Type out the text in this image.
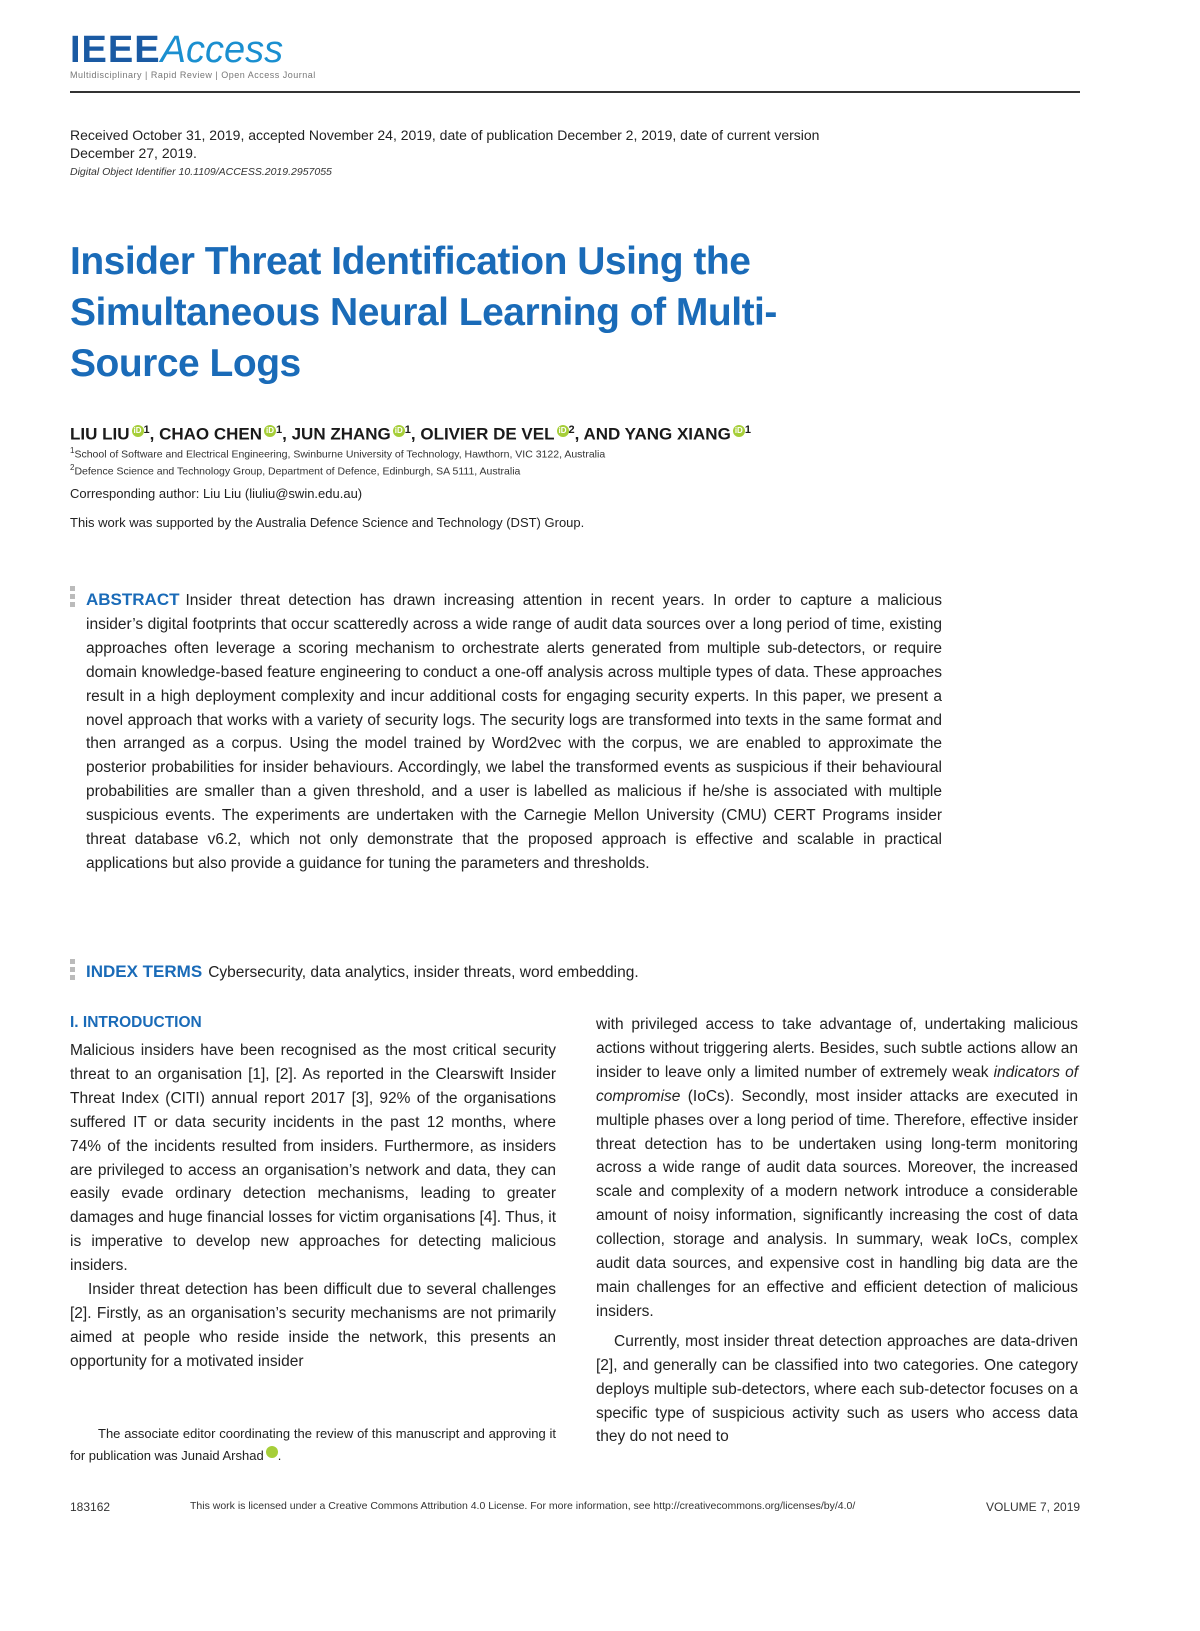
IEEEAccess
Multidisciplinary | Rapid Review | Open Access Journal
Received October 31, 2019, accepted November 24, 2019, date of publication December 2, 2019, date of current version December 27, 2019.
Digital Object Identifier 10.1109/ACCESS.2019.2957055
Insider Threat Identification Using the Simultaneous Neural Learning of Multi-Source Logs
LIU LIU iD $^1$, CHAO CHEN iD $^1$, JUN ZHANG iD $^1$, OLIVIER DE VEL iD $^2$, AND YANG XIANG iD $^1$
$^1$School of Software and Electrical Engineering, Swinburne University of Technology, Hawthorn, VIC 3122, Australia
$^2$Defence Science and Technology Group, Department of Defence, Edinburgh, SA 5111, Australia
Corresponding author: Liu Liu (liuliu@swin.edu.au)
This work was supported by the Australia Defence Science and Technology (DST) Group.
ABSTRACT Insider threat detection has drawn increasing attention in recent years. In order to capture a malicious insider’s digital footprints that occur scatteredly across a wide range of audit data sources over a long period of time, existing approaches often leverage a scoring mechanism to orchestrate alerts generated from multiple sub-detectors, or require domain knowledge-based feature engineering to conduct a one-off analysis across multiple types of data. These approaches result in a high deployment complexity and incur additional costs for engaging security experts. In this paper, we present a novel approach that works with a variety of security logs. The security logs are transformed into texts in the same format and then arranged as a corpus. Using the model trained by Word2vec with the corpus, we are enabled to approximate the posterior probabilities for insider behaviours. Accordingly, we label the transformed events as suspicious if their behavioural probabilities are smaller than a given threshold, and a user is labelled as malicious if he/she is associated with multiple suspicious events. The experiments are undertaken with the Carnegie Mellon University (CMU) CERT Programs insider threat database v6.2, which not only demonstrate that the proposed approach is effective and scalable in practical applications but also provide a guidance for tuning the parameters and thresholds.
INDEX TERMS Cybersecurity, data analytics, insider threats, word embedding.
I. INTRODUCTION

Malicious insiders have been recognised as the most critical security threat to an organisation [1], [2]. As reported in the Clearswift Insider Threat Index (CITI) annual report 2017 [3], 92% of the organisations suffered IT or data security incidents in the past 12 months, where 74% of the incidents resulted from insiders. Furthermore, as insiders are privileged to access an organisation’s network and data, they can easily evade ordinary detection mechanisms, leading to greater damages and huge financial losses for victim organisations [4]. Thus, it is imperative to develop new approaches for detecting malicious insiders.

Insider threat detection has been difficult due to several challenges [2]. Firstly, as an organisation’s security mechanisms are not primarily aimed at people who reside inside the network, this presents an opportunity for a motivated insider

with privileged access to take advantage of, undertaking malicious actions without triggering alerts. Besides, such subtle actions allow an insider to leave only a limited number of extremely weak indicators of compromise (IoCs). Secondly, most insider attacks are executed in multiple phases over a long period of time. Therefore, effective insider threat detection has to be undertaken using long-term monitoring across a wide range of audit data sources. Moreover, the increased scale and complexity of a modern network introduce a considerable amount of noisy information, significantly increasing the cost of data collection, storage and analysis. In summary, weak IoCs, complex audit data sources, and expensive cost in handling big data are the main challenges for an effective and efficient detection of malicious insiders.

Currently, most insider threat detection approaches are data-driven [2], and generally can be classified into two categories. One category deploys multiple sub-detectors, where each sub-detector focuses on a specific type of suspicious activity such as users who access data they do not need to

The associate editor coordinating the review of this manuscript and approving it for publication was Junaid Arshad	iD.
183162	This work is licensed under a Creative Commons Attribution 4.0 License. For more information, see http://creativecommons.org/licenses/by/4.0/	VOLUME 7, 2019
